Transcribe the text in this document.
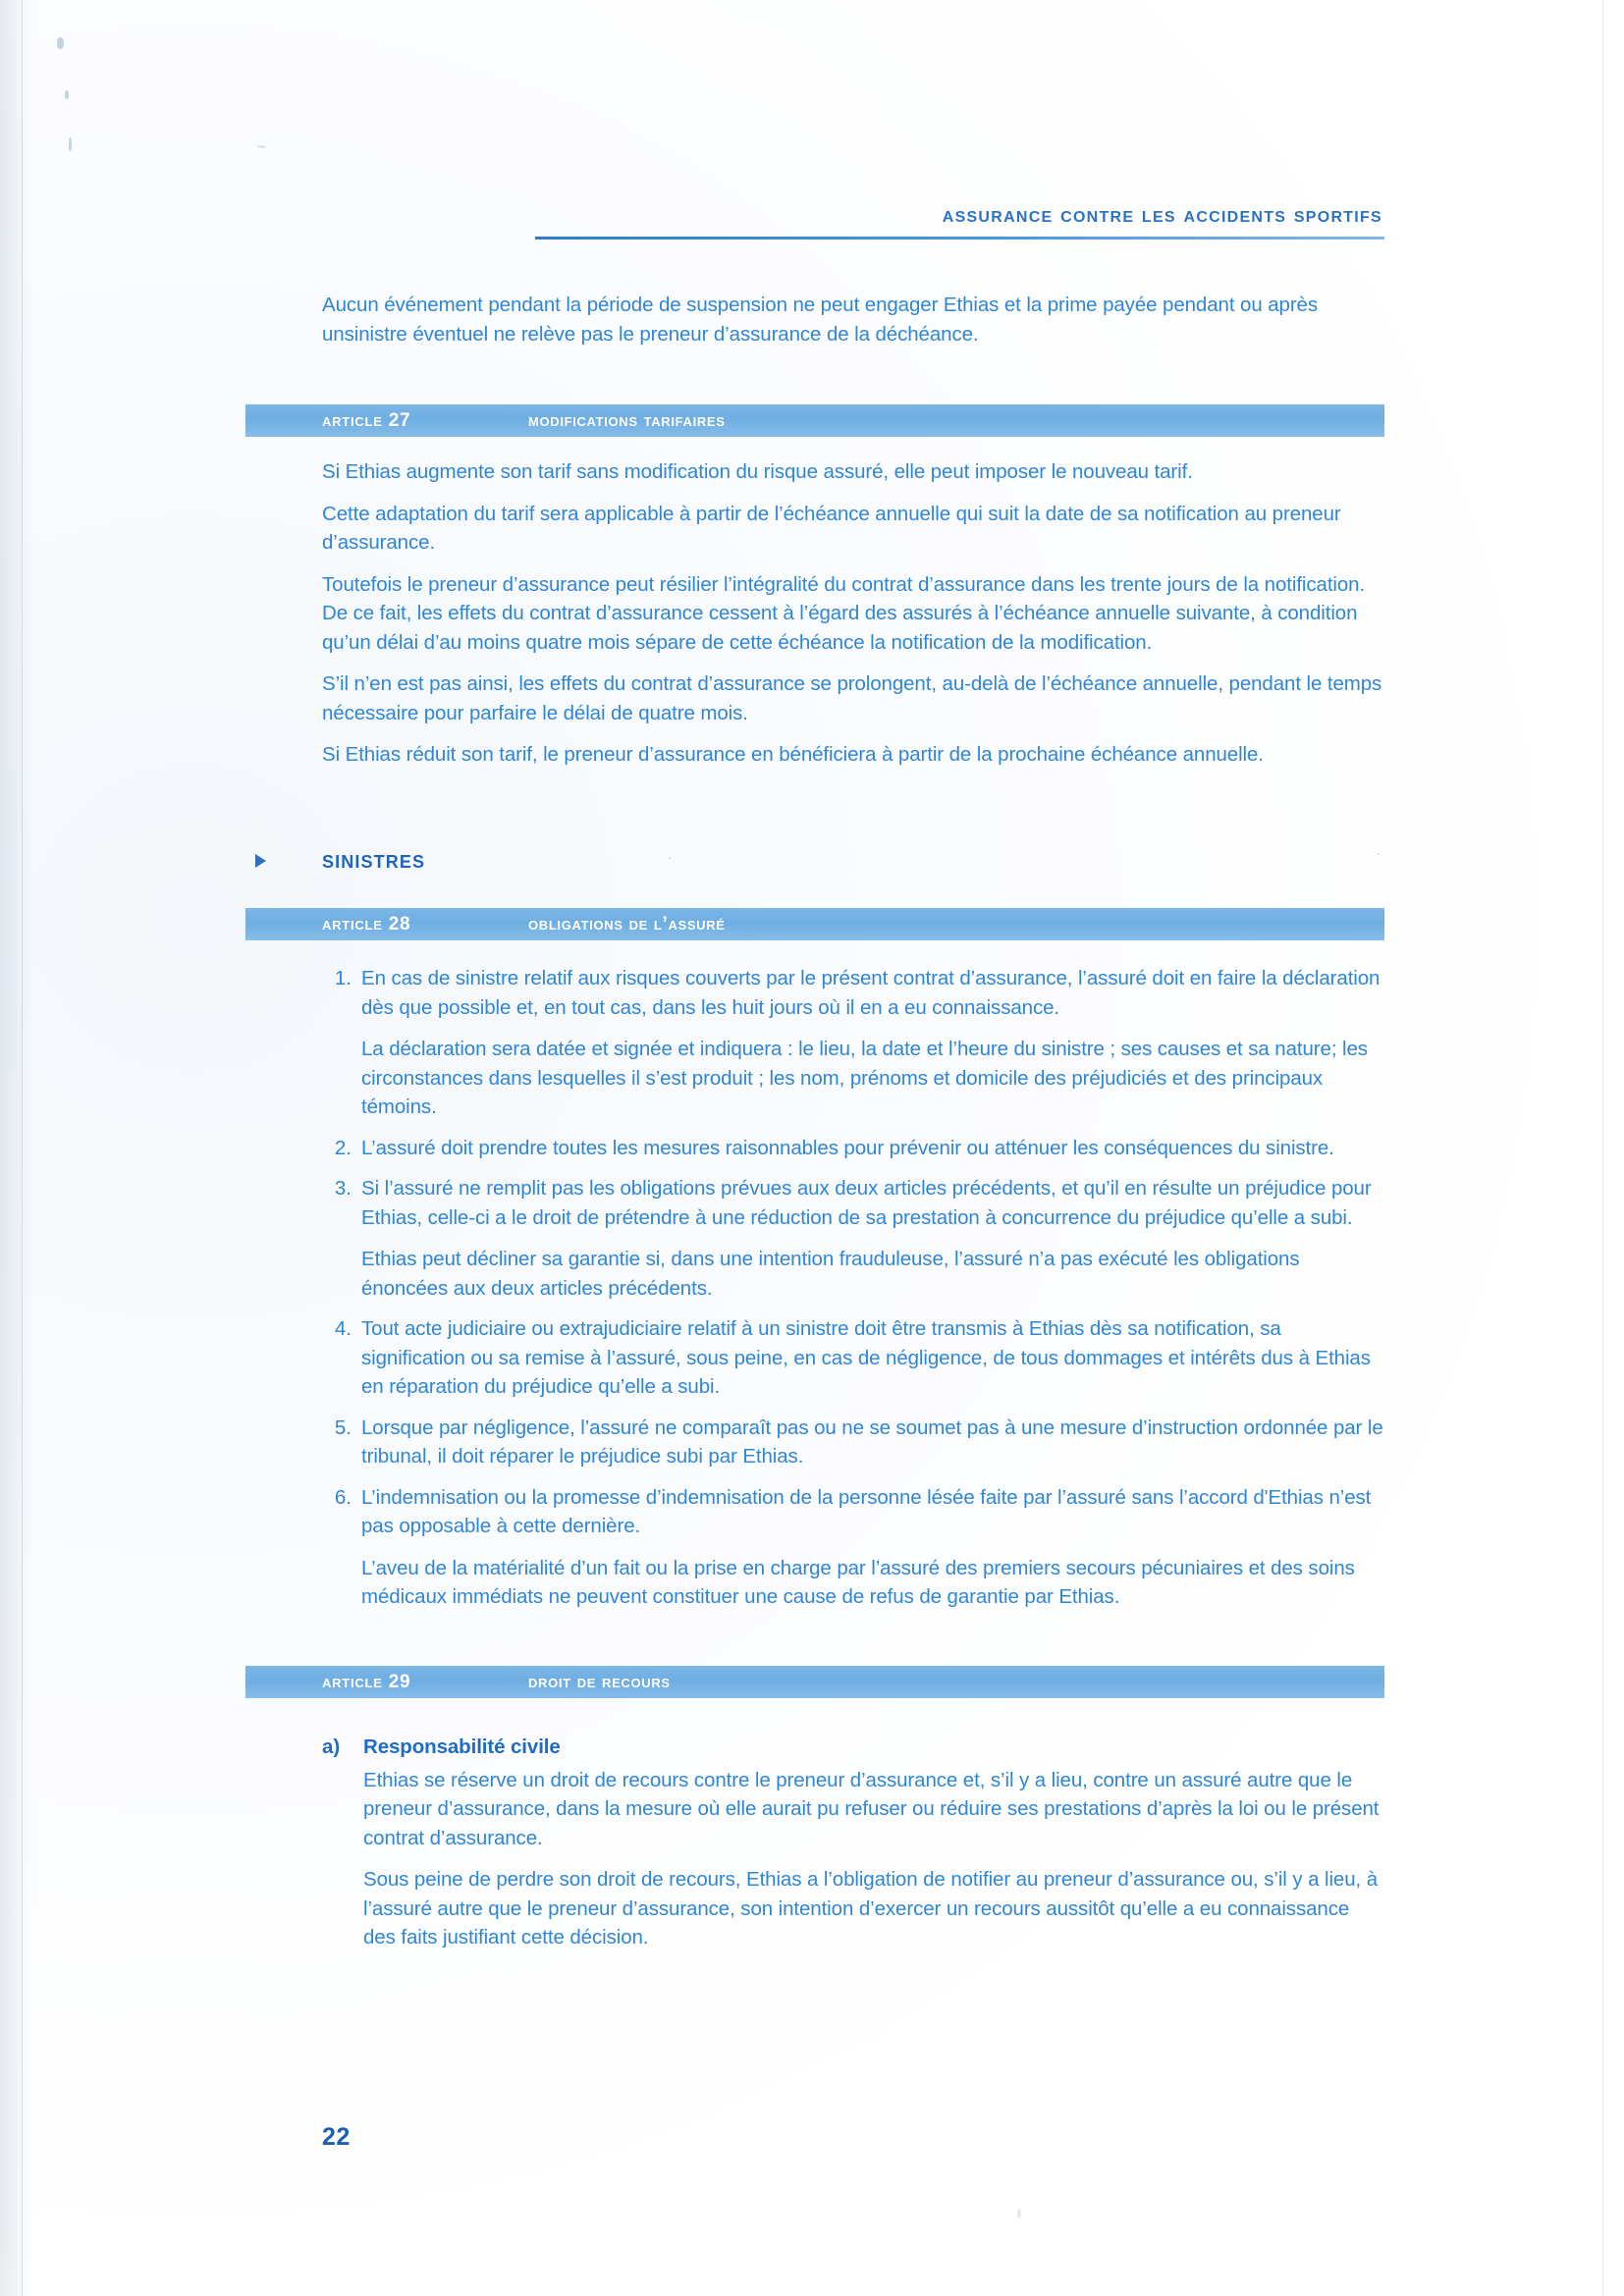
assurance contre les accidents sportifs

Aucun événement pendant la période de suspension ne peut engager Ethias et la prime payée pendant ou après unsinistre éventuel ne relève pas le preneur d’assurance de la déchéance.

article 27	modifications tarifaires

Si Ethias augmente son tarif sans modification du risque assuré, elle peut imposer le nouveau tarif.

Cette adaptation du tarif sera applicable à partir de l’échéance annuelle qui suit la date de sa notification au preneur d’assurance.

Toutefois le preneur d’assurance peut résilier l’intégralité du contrat d’assurance dans les trente jours de la notification. De ce fait, les effets du contrat d’assurance cessent à l’égard des assurés à l’échéance annuelle suivante, à condition qu’un délai d’au moins quatre mois sépare de cette échéance la notification de la modification.

S’il n’en est pas ainsi, les effets du contrat d’assurance se prolongent, au-delà de l’échéance annuelle, pendant le temps nécessaire pour parfaire le délai de quatre mois.

Si Ethias réduit son tarif, le preneur d’assurance en bénéficiera à partir de la prochaine échéance annuelle.

sinistres	·	·
article 28	obligations de l’assuré
1. En cas de sinistre relatif aux risques couverts par le présent contrat d’assurance, l’assuré doit en faire la déclaration dès que possible et, en tout cas, dans les huit jours où il en a eu connaissance.

La déclaration sera datée et signée et indiquera : le lieu, la date et l’heure du sinistre ; ses causes et sa nature; les circonstances dans lesquelles il s’est produit ; les nom, prénoms et domicile des préjudiciés et des principaux témoins.

2. L’assuré doit prendre toutes les mesures raisonnables pour prévenir ou atténuer les conséquences du sinistre.

3. Si l’assuré ne remplit pas les obligations prévues aux deux articles précédents, et qu’il en résulte un préjudice pour Ethias, celle-ci a le droit de prétendre à une réduction de sa prestation à concurrence du préjudice qu’elle a subi.

Ethias peut décliner sa garantie si, dans une intention frauduleuse, l’assuré n’a pas exécuté les obligations énoncées aux deux articles précédents.

4. Tout acte judiciaire ou extrajudiciaire relatif à un sinistre doit être transmis à Ethias dès sa notification, sa signification ou sa remise à l’assuré, sous peine, en cas de négligence, de tous dommages et intérêts dus à Ethias en réparation du préjudice qu’elle a subi.

5. Lorsque par négligence, l’assuré ne comparaît pas ou ne se soumet pas à une mesure d’instruction ordonnée par le tribunal, il doit réparer le préjudice subi par Ethias.

6. L’indemnisation ou la promesse d’indemnisation de la personne lésée faite par l’assuré sans l’accord d'Ethias n’est pas opposable à cette dernière.

L’aveu de la matérialité d’un fait ou la prise en charge par l’assuré des premiers secours pécuniaires et des soins médicaux immédiats ne peuvent constituer une cause de refus de garantie par Ethias.

article 29	droit de recours
a) Responsabilité civile

Ethias se réserve un droit de recours contre le preneur d’assurance et, s’il y a lieu, contre un assuré autre que le preneur d’assurance, dans la mesure où elle aurait pu refuser ou réduire ses prestations d’après la loi ou le présent contrat d’assurance.

Sous peine de perdre son droit de recours, Ethias a l’obligation de notifier au preneur d’assurance ou, s’il y a lieu, à l’assuré autre que le preneur d’assurance, son intention d’exercer un recours aussitôt qu’elle a eu connaissance des faits justifiant cette décision.

22
